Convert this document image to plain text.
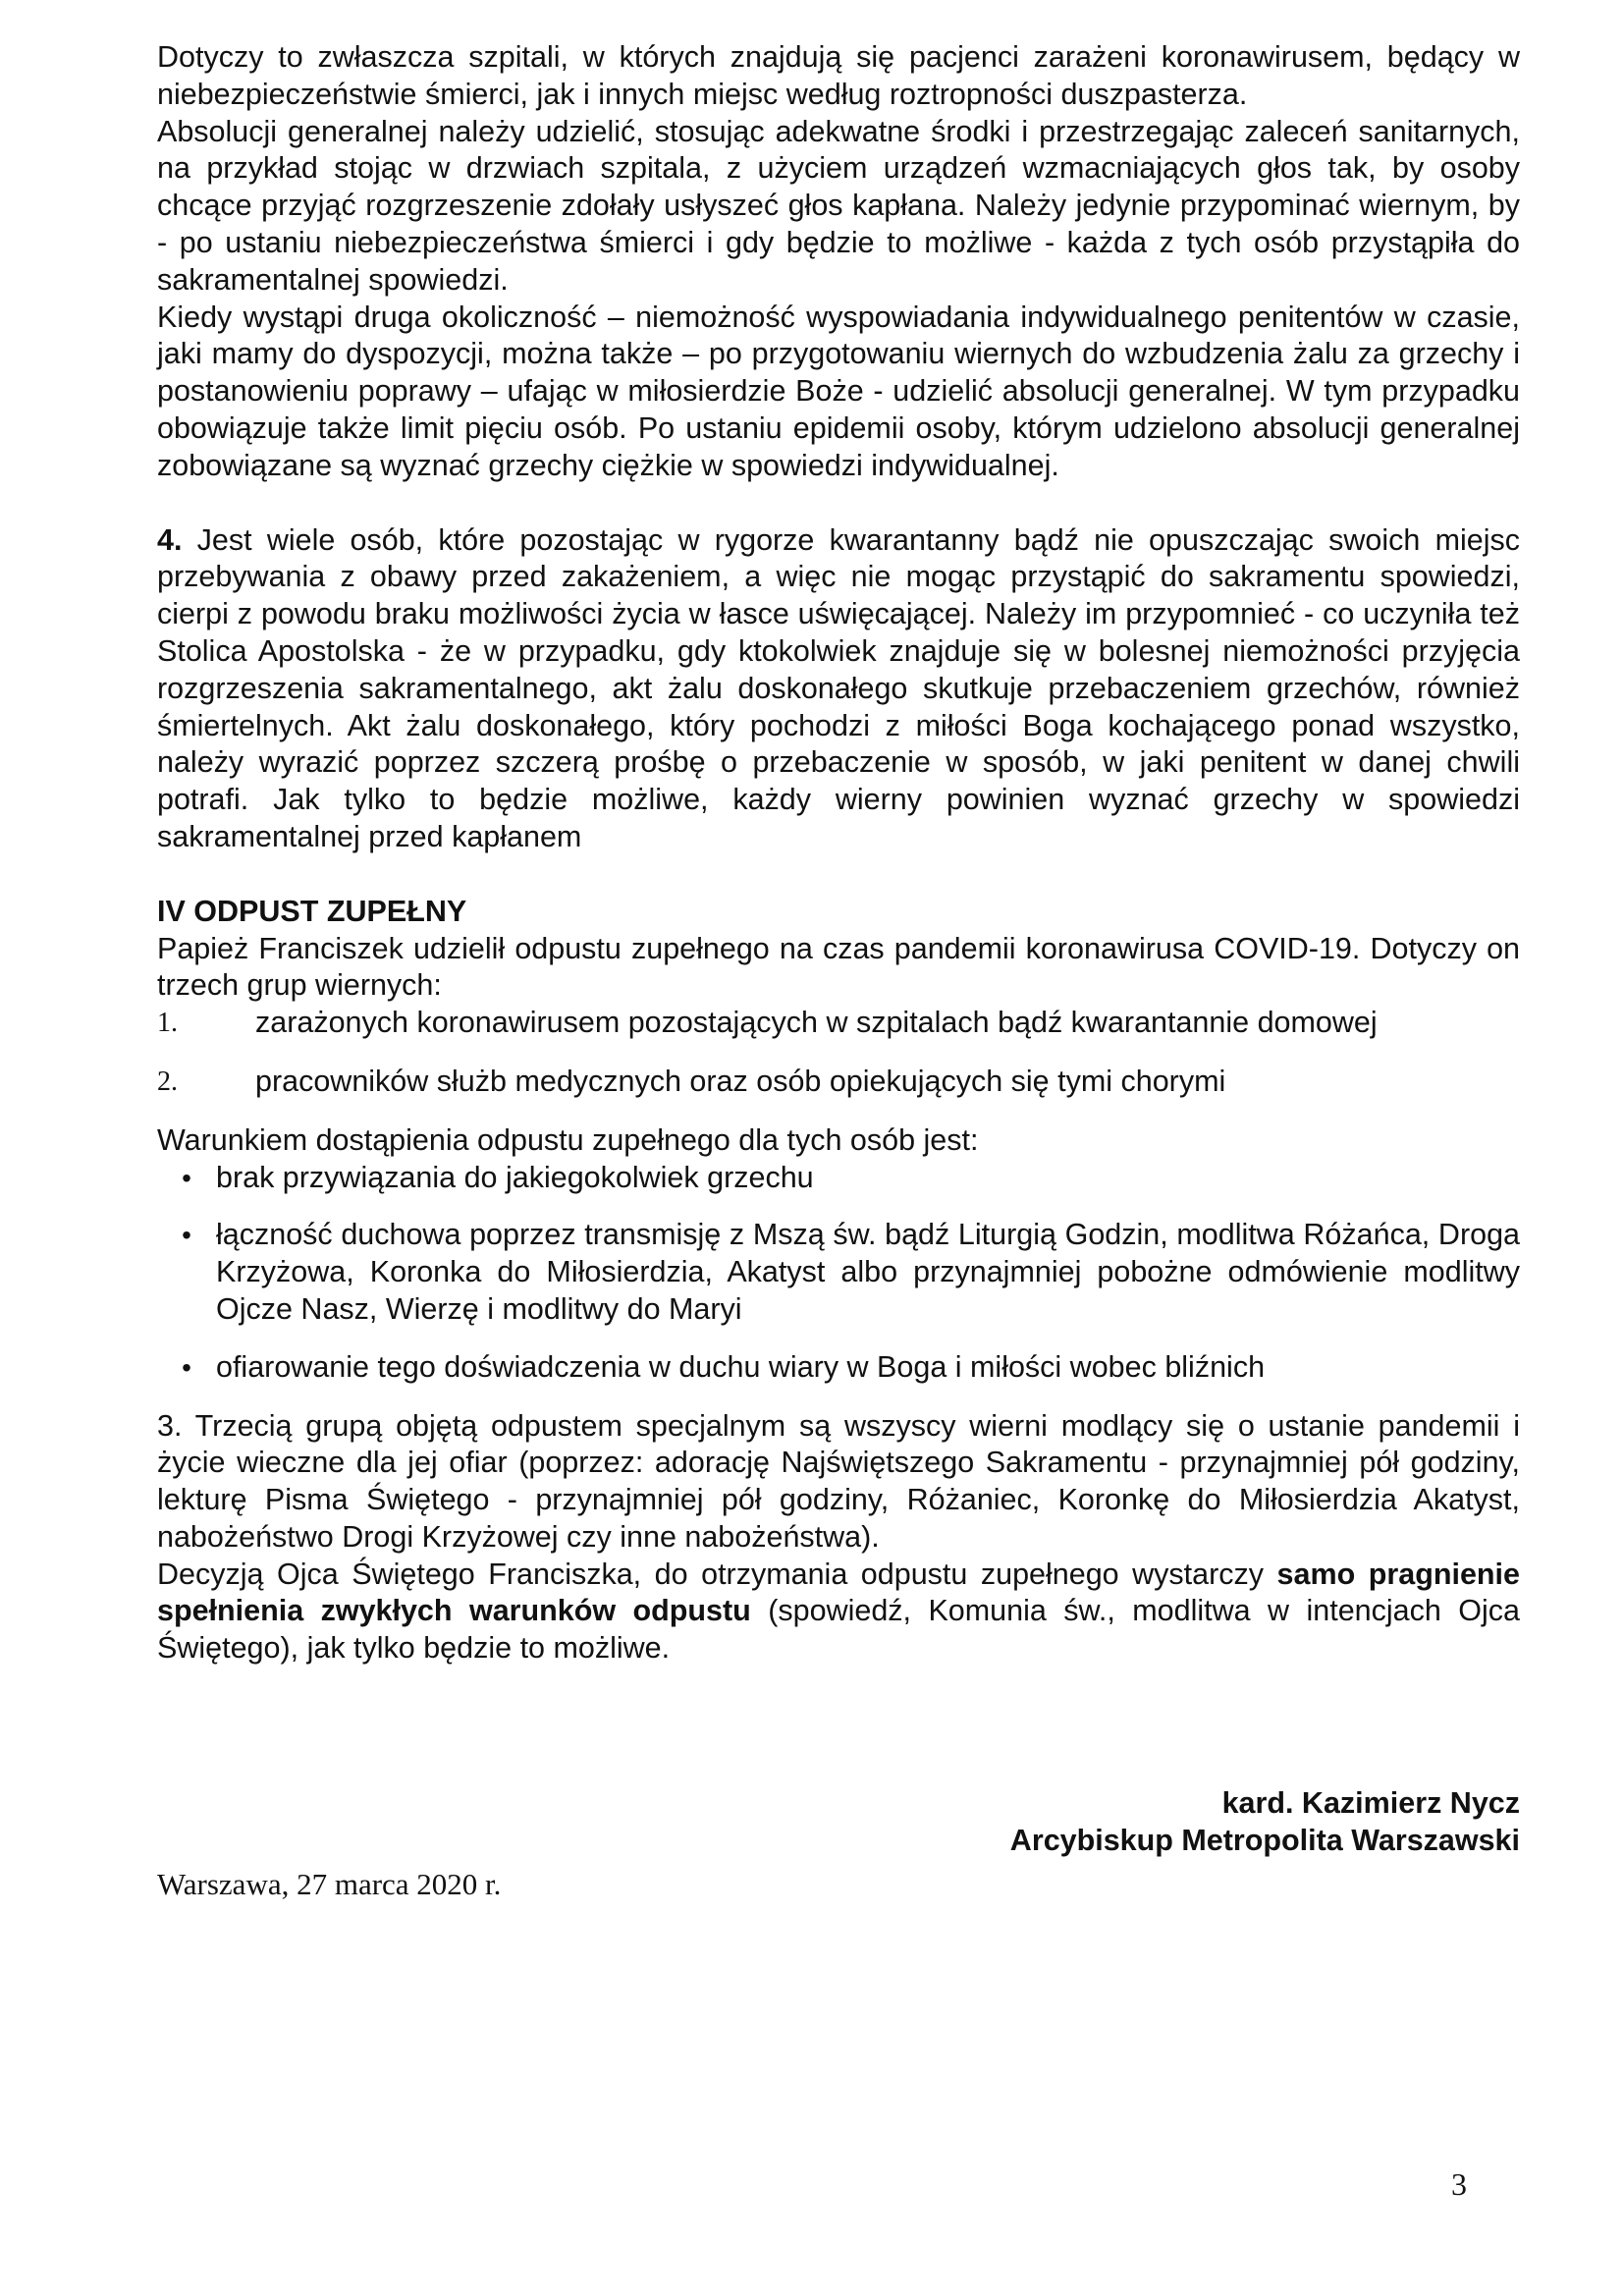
Dotyczy to zwłaszcza szpitali, w których znajdują się pacjenci zarażeni koronawirusem, będący w niebezpieczeństwie śmierci, jak i innych miejsc według roztropności duszpasterza.

Absolucji generalnej należy udzielić, stosując adekwatne środki i przestrzegając zaleceń sanitarnych, na przykład stojąc w drzwiach szpitala, z użyciem urządzeń wzmacniających głos tak, by osoby chcące przyjąć rozgrzeszenie zdołały usłyszeć głos kapłana. Należy jedynie przypominać wiernym, by - po ustaniu niebezpieczeństwa śmierci i gdy będzie to możliwe - każda z tych osób przystąpiła do sakramentalnej spowiedzi.

Kiedy wystąpi druga okoliczność – niemożność wyspowiadania indywidualnego penitentów w czasie, jaki mamy do dyspozycji, można także – po przygotowaniu wiernych do wzbudzenia żalu za grzechy i postanowieniu poprawy – ufając w miłosierdzie Boże - udzielić absolucji generalnej. W tym przypadku obowiązuje także limit pięciu osób. Po ustaniu epidemii osoby, którym udzielono absolucji generalnej zobowiązane są wyznać grzechy ciężkie w spowiedzi indywidualnej.

4. Jest wiele osób, które pozostając w rygorze kwarantanny bądź nie opuszczając swoich miejsc przebywania z obawy przed zakażeniem, a więc nie mogąc przystąpić do sakramentu spowiedzi, cierpi z powodu braku możliwości życia w łasce uświęcającej. Należy im przypomnieć - co uczyniła też Stolica Apostolska - że w przypadku, gdy ktokolwiek znajduje się w bolesnej niemożności przyjęcia rozgrzeszenia sakramentalnego, akt żalu doskonałego skutkuje przebaczeniem grzechów, również śmiertelnych. Akt żalu doskonałego, który pochodzi z miłości Boga kochającego ponad wszystko, należy wyrazić poprzez szczerą prośbę o przebaczenie w sposób, w jaki penitent w danej chwili potrafi. Jak tylko to będzie możliwe, każdy wierny powinien wyznać grzechy w spowiedzi sakramentalnej przed kapłanem

IV ODPUST ZUPEŁNY

Papież Franciszek udzielił odpustu zupełnego na czas pandemii koronawirusa COVID-19. Dotyczy on trzech grup wiernych:

1.	zarażonych koronawirusem pozostających w szpitalach bądź kwarantannie domowej
2.	pracowników służb medycznych oraz osób opiekujących się tymi chorymi

Warunkiem dostąpienia odpustu zupełnego dla tych osób jest:

• brak przywiązania do jakiegokolwiek grzechu
• łączność duchowa poprzez transmisję z Mszą św. bądź Liturgią Godzin, modlitwa Różańca, Droga Krzyżowa, Koronka do Miłosierdzia, Akatyst albo przynajmniej pobożne odmówienie modlitwy Ojcze Nasz, Wierzę i modlitwy do Maryi
• ofiarowanie tego doświadczenia w duchu wiary w Boga i miłości wobec bliźnich

3. Trzecią grupą objętą odpustem specjalnym są wszyscy wierni modlący się o ustanie pandemii i życie wieczne dla jej ofiar (poprzez: adorację Najświętszego Sakramentu - przynajmniej pół godziny, lekturę Pisma Świętego - przynajmniej pół godziny, Różaniec, Koronkę do Miłosierdzia Akatyst, nabożeństwo Drogi Krzyżowej czy inne nabożeństwa).

Decyzją Ojca Świętego Franciszka, do otrzymania odpustu zupełnego wystarczy samo pragnienie spełnienia zwykłych warunków odpustu (spowiedź, Komunia św., modlitwa w intencjach Ojca Świętego), jak tylko będzie to możliwe.

kard. Kazimierz Nycz

Arcybiskup Metropolita Warszawski

Warszawa, 27 marca 2020 r.

3
